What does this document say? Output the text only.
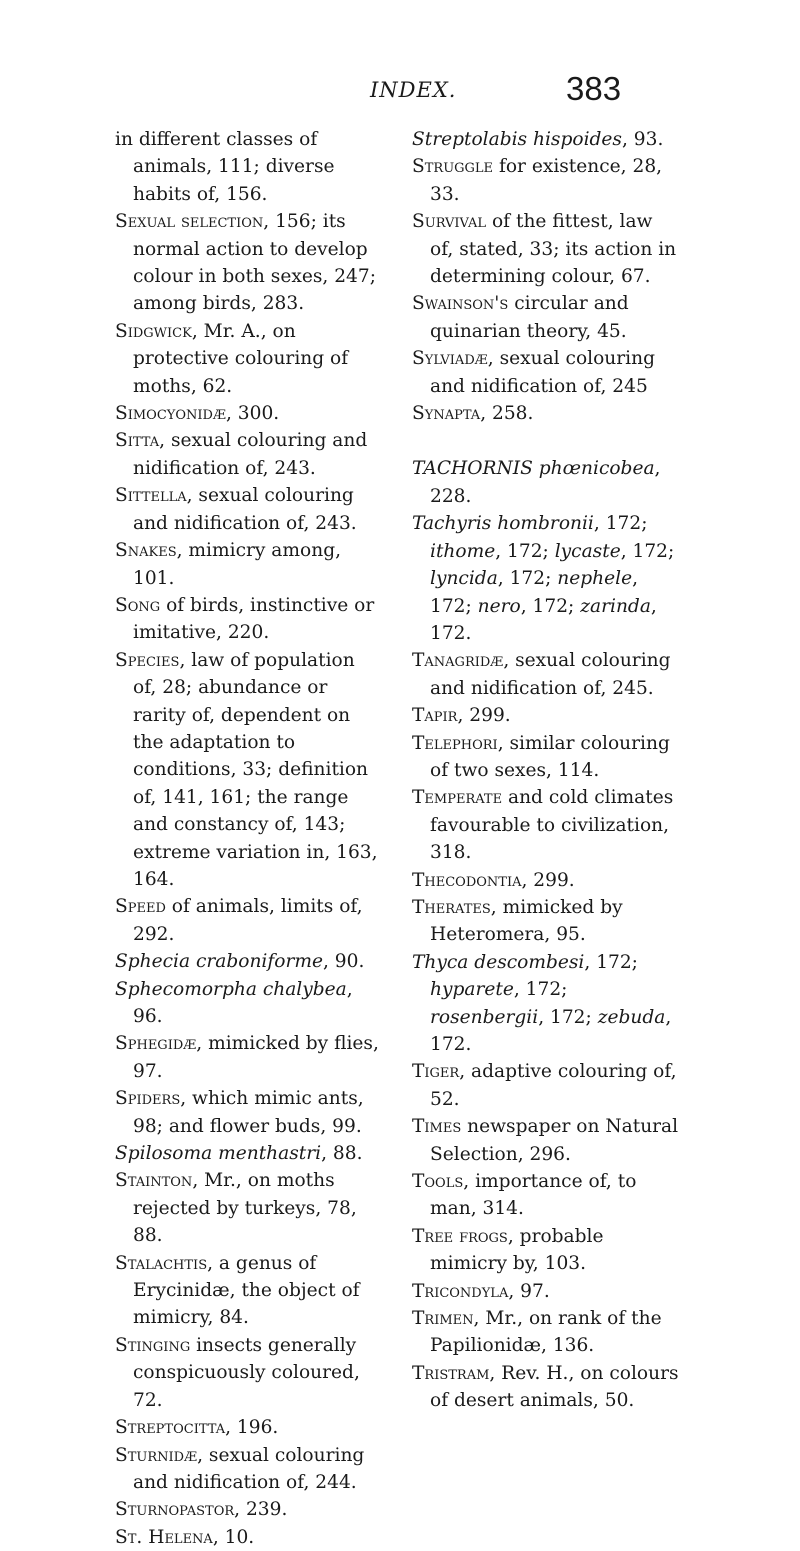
INDEX.	383
in different classes of animals, 111; diverse habits of, 156.
Sexual selection, 156; its normal action to develop colour in both sexes, 247; among birds, 283.
Sidgwick, Mr. A., on protective colouring of moths, 62.
Simocyonidæ, 300.
Sitta, sexual colouring and nidification of, 243.
Sittella, sexual colouring and nidification of, 243.
Snakes, mimicry among, 101.
Song of birds, instinctive or imitative, 220.
Species, law of population of, 28; abundance or rarity of, dependent on the adaptation to conditions, 33; definition of, 141, 161; the range and constancy of, 143; extreme variation in, 163, 164.
Speed of animals, limits of, 292.
Sphecia craboniforme, 90.
Sphecomorpha chalybea, 96.
Sphegidæ, mimicked by flies, 97.
Spiders, which mimic ants, 98; and flower buds, 99.
Spilosoma menthastri, 88.
Stainton, Mr., on moths rejected by turkeys, 78, 88.
Stalachtis, a genus of Erycinidæ, the object of mimicry, 84.
Stinging insects generally conspicuously coloured, 72.
Streptocitta, 196.
Sturnidæ, sexual colouring and nidification of, 244.
Sturnopastor, 239.
St. Helena, 10.
Streptolabis hispoides, 93.
Struggle for existence, 28, 33.
Survival of the fittest, law of, stated, 33; its action in determining colour, 67.
Swainson's circular and quinarian theory, 45.
Sylviadæ, sexual colouring and nidification of, 245
Synapta, 258.
TACHORNIS phœnicobea, 228.
Tachyris hombronii, 172; ithome, 172; lycaste, 172; lyncida, 172; nephele, 172; nero, 172; zarinda, 172.
Tanagridæ, sexual colouring and nidification of, 245.
Tapir, 299.
Telephori, similar colouring of two sexes, 114.
Temperate and cold climates favourable to civilization, 318.
Thecodontia, 299.
Therates, mimicked by Heteromera, 95.
Thyca descombesi, 172; hyparete, 172; rosenbergii, 172; zebuda, 172.
Tiger, adaptive colouring of, 52.
Times newspaper on Natural Selection, 296.
Tools, importance of, to man, 314.
Tree frogs, probable mimicry by, 103.
Tricondyla, 97.
Trimen, Mr., on rank of the Papilionidæ, 136.
Tristram, Rev. H., on colours of desert animals, 50.
